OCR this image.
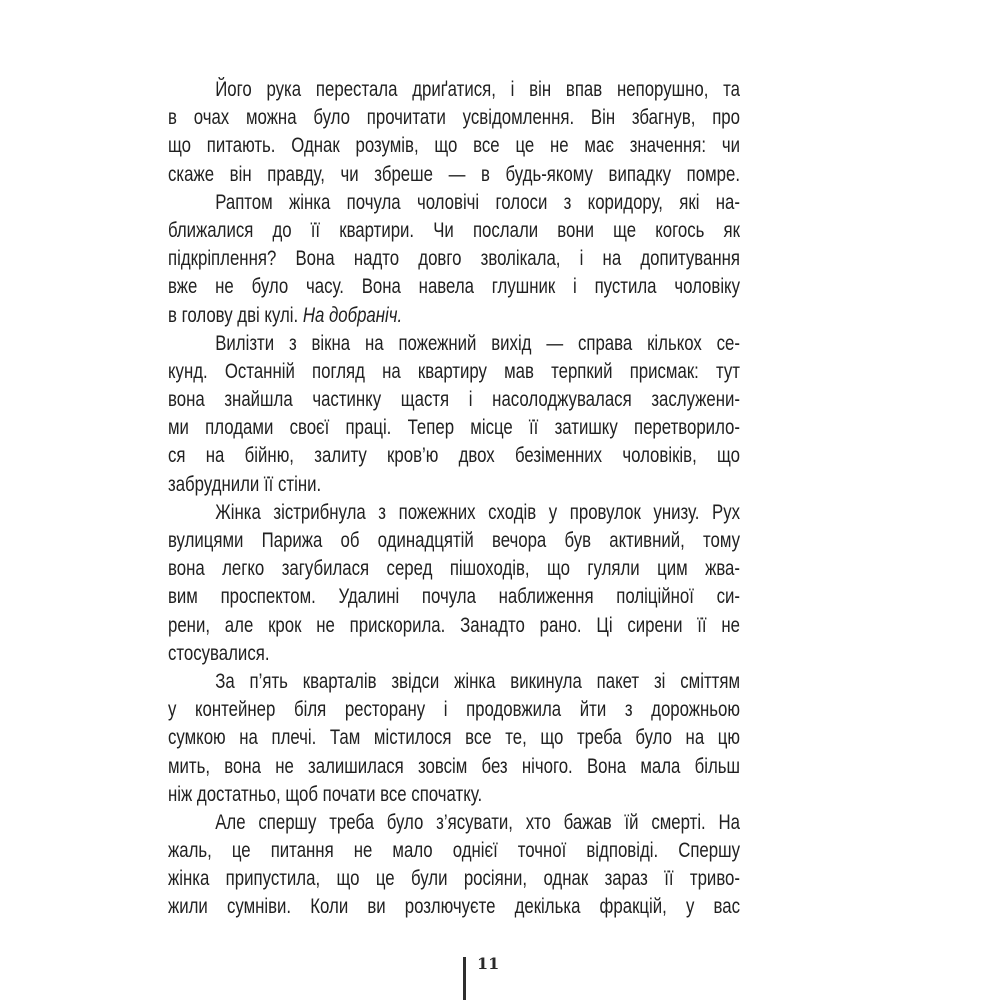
Його рука перестала дриґатися, і він впав непорушно, та
в очах можна було прочитати усвідомлення. Він збагнув, про
що питають. Однак розумів, що все це не має значення: чи
скаже він правду, чи збреше — в будь-якому випадку помре.
Раптом жінка почула чоловічі голоси з коридору, які на-
ближалися до її квартири. Чи послали вони ще когось як
підкріплення? Вона надто довго зволікала, і на допитування
вже не було часу. Вона навела глушник і пустила чоловіку
в голову дві кулі. На добраніч.
Вилізти з вікна на пожежний вихід — справа кількох се-
кунд. Останній погляд на квартиру мав терпкий присмак: тут
вона знайшла частинку щастя і насолоджувалася заслужени-
ми плодами своєї праці. Тепер місце її затишку перетворило-
ся на бійню, залиту кров’ю двох безіменних чоловіків, що
забруднили її стіни.
Жінка зістрибнула з пожежних сходів у провулок унизу. Рух
вулицями Парижа об одинадцятій вечора був активний, тому
вона легко загубилася серед пішоходів, що гуляли цим жва-
вим проспектом. Удалині почула наближення поліційної си-
рени, але крок не прискорила. Занадто рано. Ці сирени її не
стосувалися.
За п’ять кварталів звідси жінка викинула пакет зі сміттям
у контейнер біля ресторану і продовжила йти з дорожньою
сумкою на плечі. Там містилося все те, що треба було на цю
мить, вона не залишилася зовсім без нічого. Вона мала більш
ніж достатньо, щоб почати все спочатку.
Але спершу треба було з’ясувати, хто бажав їй смерті. На
жаль, це питання не мало однієї точної відповіді. Спершу
жінка припустила, що це були росіяни, однак зараз її триво-
жили сумніви. Коли ви розлючуєте декілька фракцій, у вас
11
